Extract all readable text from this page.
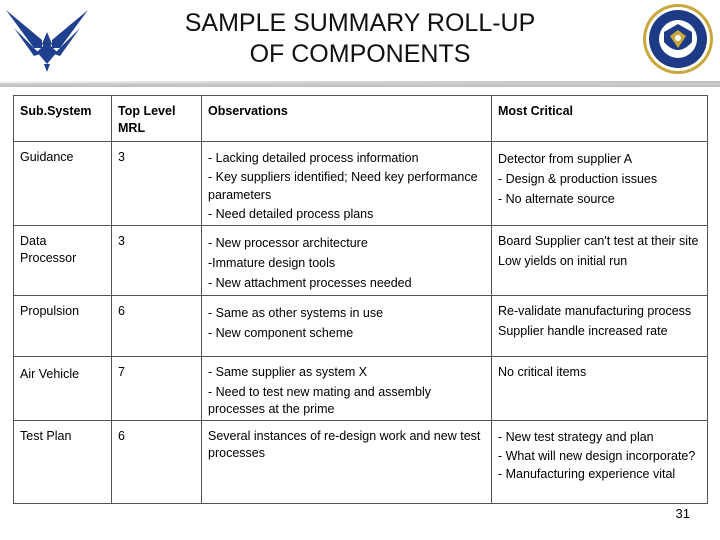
SAMPLE SUMMARY ROLL-UP
OF COMPONENTS
Sub.System	Top Level MRL	Observations	Most Critical
Guidance	3	- Lacking detailed process information
- Key suppliers identified; Need key performance parameters
- Need detailed process plans	Detector from supplier A
- Design & production issues
- No alternate source

Data Processor	3	- New processor architecture
-Immature design tools
- New attachment processes needed	Board Supplier can't test at their site
Low yields on initial run

Propulsion	6	- Same as other systems in use
- New component scheme	Re-validate manufacturing process
Supplier handle increased rate

Air Vehicle	7	- Same supplier as system X
- Need to test new mating and assembly processes at the prime	No critical items

Test Plan	6	Several instances of re-design work and new test processes	- New test strategy and plan
- What will new design incorporate?
- Manufacturing experience vital
31
